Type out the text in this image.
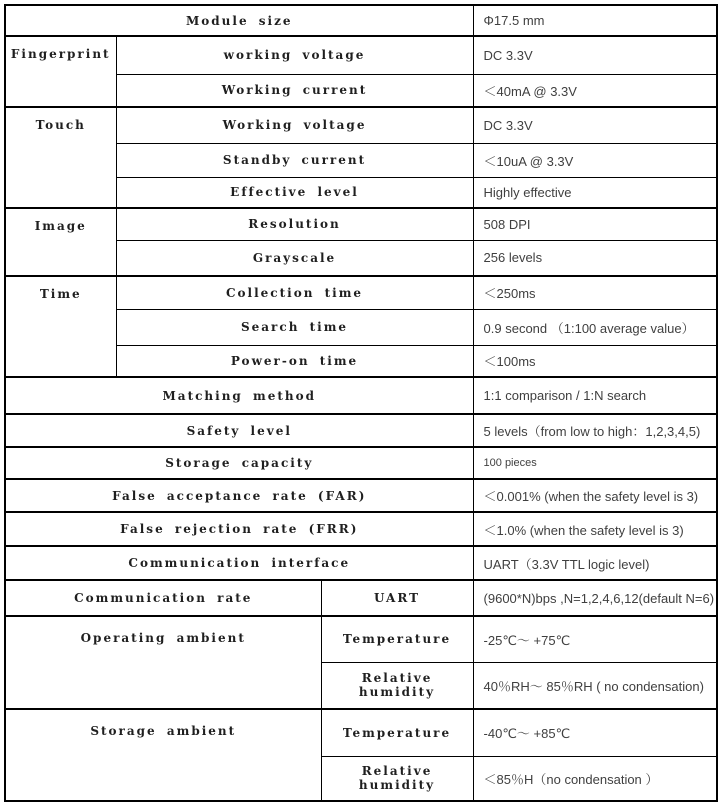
Module size			Φ17.5 mm
Fingerprint	working voltage		DC 3.3V
	Working current		＜40mA @ 3.3V
Touch	Working voltage		DC 3.3V
	Standby current		＜10uA @ 3.3V
	Effective level		Highly effective
Image	Resolution		508 DPI
	Grayscale		256 levels
Time	Collection time		＜250ms
	Search time		0.9 second （1:100 average value）
	Power-on time		＜100ms
Matching method			1:1 comparison / 1:N search
Safety level			5 levels（from low to high：1,2,3,4,5)
Storage capacity			100 pieces
False acceptance rate (FAR)			＜0.001% (when the safety level is 3)
False rejection rate (FRR)			＜1.0% (when the safety level is 3)
Communication interface			UART（3.3V TTL logic level)
Communication rate		UART	(9600*N)bps ,N=1,2,4,6,12(default N=6)
Operating ambient		Temperature	-25℃～ +75℃
		Relative humidity	40％RH～ 85％RH ( no condensation)
Storage ambient		Temperature	-40℃～ +85℃
		Relative humidity	＜85％H（no condensation ）
